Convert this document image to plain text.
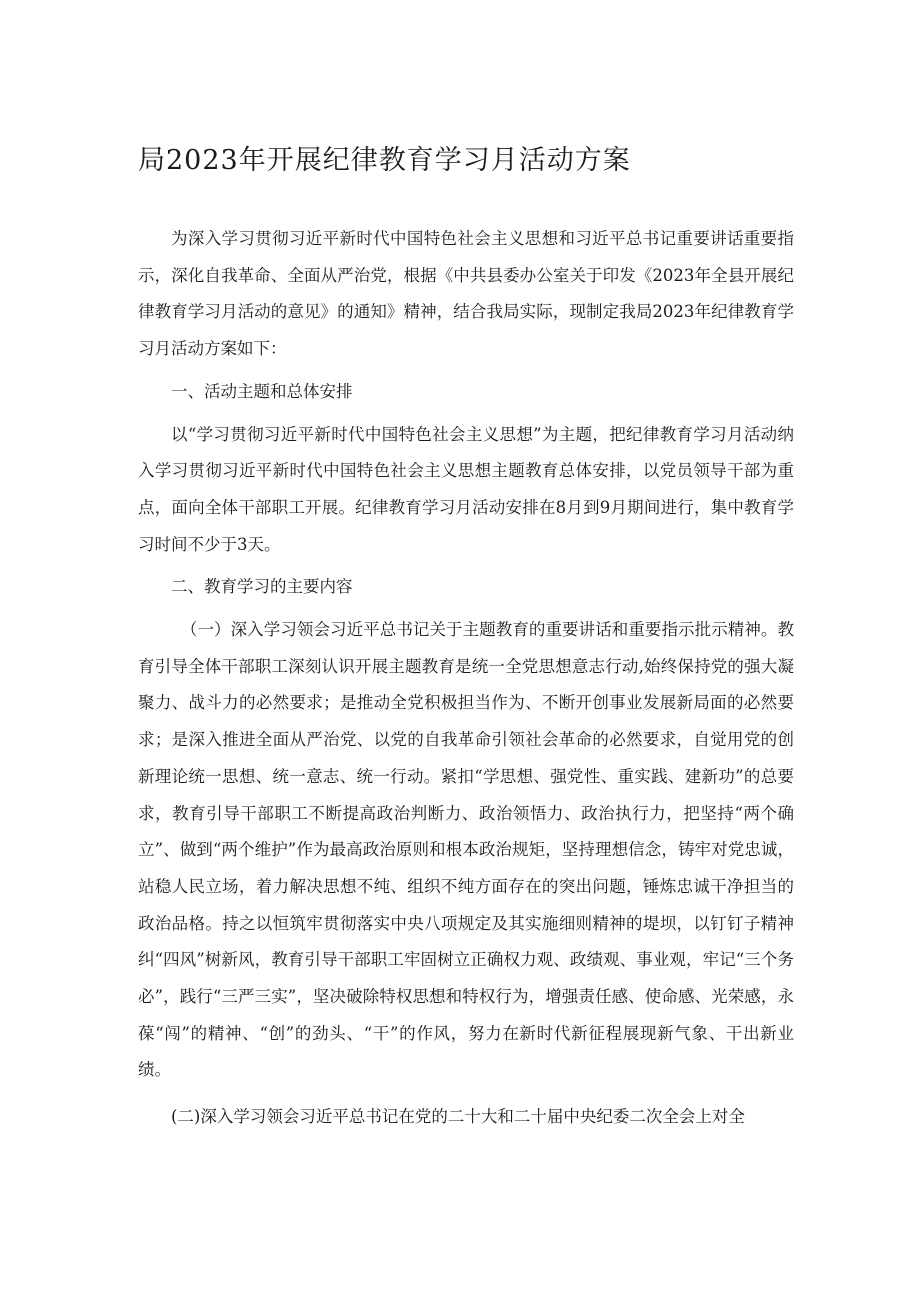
局2023年开展纪律教育学习月活动方案

为深入学习贯彻习近平新时代中国特色社会主义思想和习近平总书记重要讲话重要指示，深化自我革命、全面从严治党，根据《中共县委办公室关于印发《2023年全县开展纪律教育学习月活动的意见》的通知》精神，结合我局实际，现制定我局2023年纪律教育学习月活动方案如下：

一、活动主题和总体安排

以“学习贯彻习近平新时代中国特色社会主义思想”为主题，把纪律教育学习月活动纳入学习贯彻习近平新时代中国特色社会主义思想主题教育总体安排，以党员领导干部为重点，面向全体干部职工开展。纪律教育学习月活动安排在8月到9月期间进行，集中教育学习时间不少于3天。

二、教育学习的主要内容

（一）深入学习领会习近平总书记关于主题教育的重要讲话和重要指示批示精神。教育引导全体干部职工深刻认识开展主题教育是统一全党思想意志行动,始终保持党的强大凝聚力、战斗力的必然要求；是推动全党积极担当作为、不断开创事业发展新局面的必然要求；是深入推进全面从严治党、以党的自我革命引领社会革命的必然要求，自觉用党的创新理论统一思想、统一意志、统一行动。紧扣“学思想、强党性、重实践、建新功”的总要求，教育引导干部职工不断提高政治判断力、政治领悟力、政治执行力，把坚持“两个确立”、做到“两个维护”作为最高政治原则和根本政治规矩，坚持理想信念，铸牢对党忠诚，站稳人民立场，着力解决思想不纯、组织不纯方面存在的突出问题，锤炼忠诚干净担当的政治品格。持之以恒筑牢贯彻落实中央八项规定及其实施细则精神的堤坝，以钉钉子精神纠“四风”树新风，教育引导干部职工牢固树立正确权力观、政绩观、事业观，牢记“三个务必”，践行“三严三实”，坚决破除特权思想和特权行为，增强责任感、使命感、光荣感，永葆“闯”的精神、“创”的劲头、“干”的作风，努力在新时代新征程展现新气象、干出新业绩。

(二)深入学习领会习近平总书记在党的二十大和二十届中央纪委二次全会上对全
